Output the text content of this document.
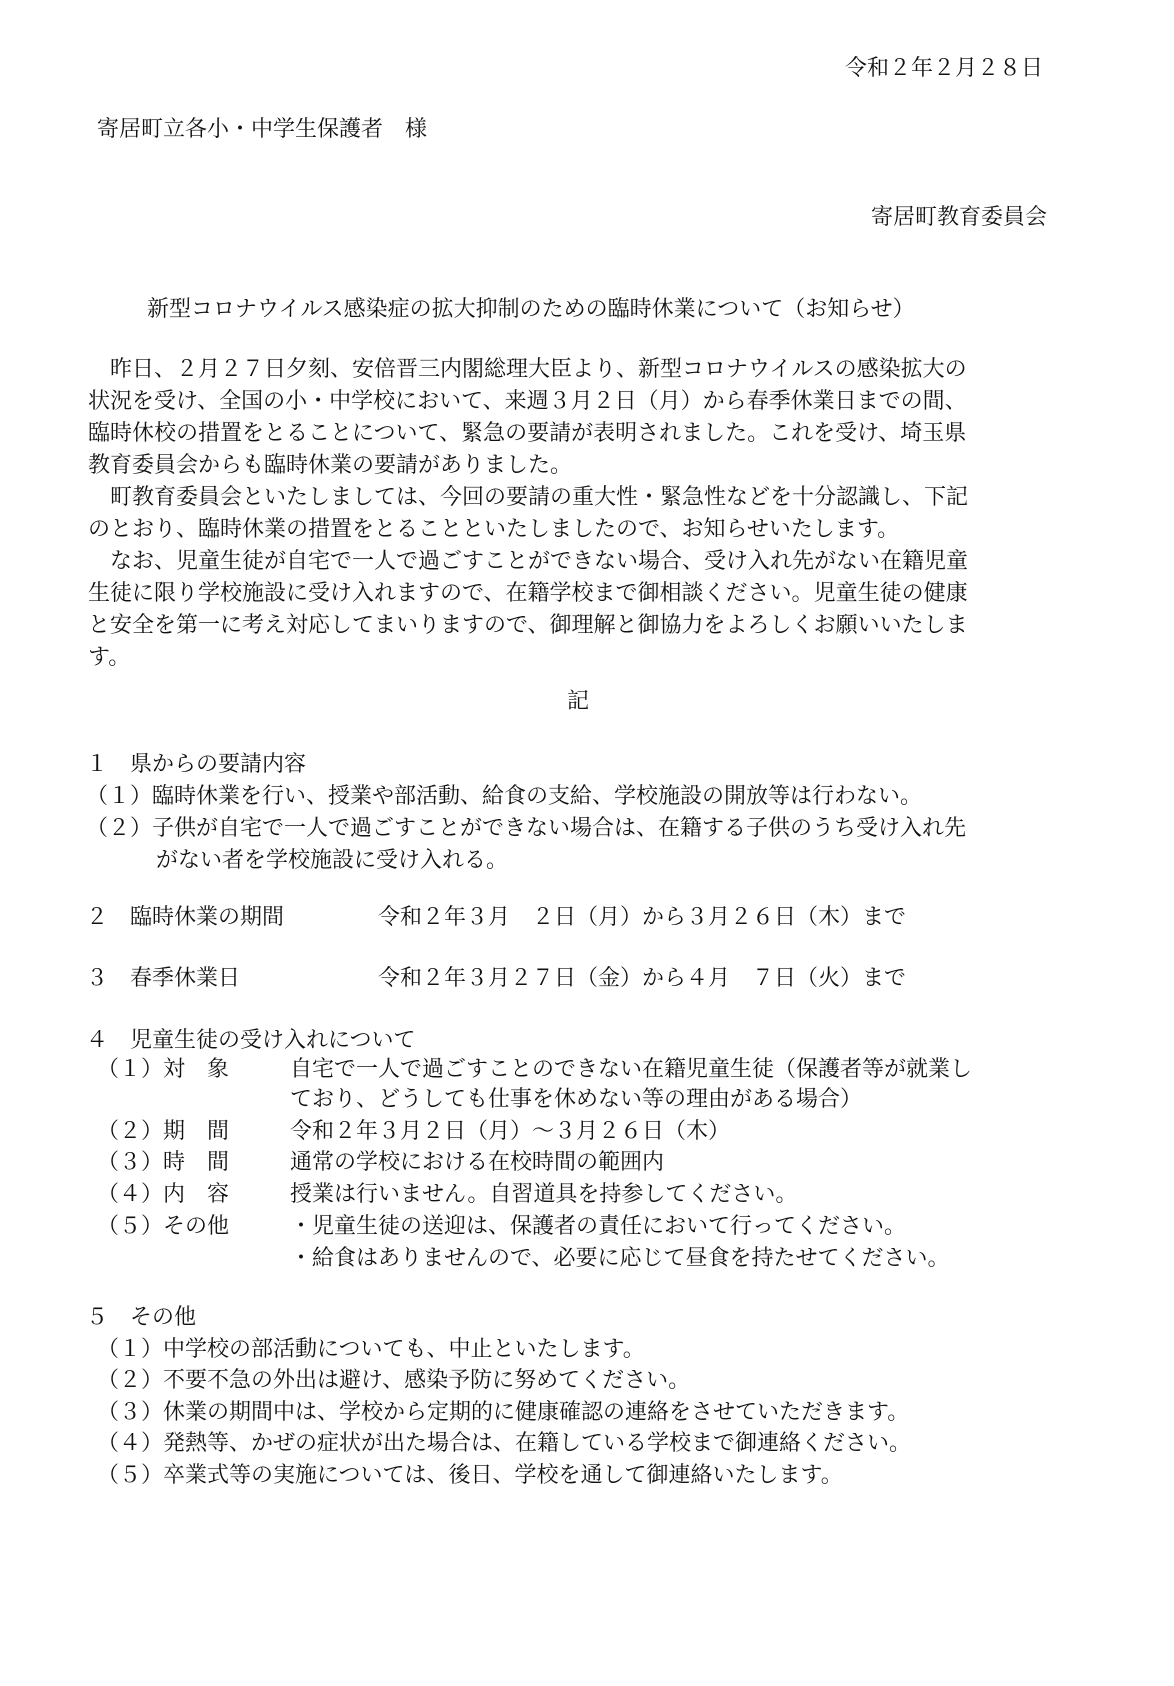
令和２年２月２８日
寄居町立各小・中学生保護者　様
寄居町教育委員会
新型コロナウイルス感染症の拡大抑制のための臨時休業について（お知らせ）

　昨日、２月２７日夕刻、安倍晋三内閣総理大臣より、新型コロナウイルスの感染拡大の

状況を受け、全国の小・中学校において、来週３月２日（月）から春季休業日までの間、

臨時休校の措置をとることについて、緊急の要請が表明されました。これを受け、埼玉県

教育委員会からも臨時休業の要請がありました。

　町教育委員会といたしましては、今回の要請の重大性・緊急性などを十分認識し、下記

のとおり、臨時休業の措置をとることといたしましたので、お知らせいたします。

　なお、児童生徒が自宅で一人で過ごすことができない場合、受け入れ先がない在籍児童

生徒に限り学校施設に受け入れますので、在籍学校まで御相談ください。児童生徒の健康

と安全を第一に考え対応してまいりますので、御理解と御協力をよろしくお願いいたしま

す。

記
１　県からの要請内容
（１）臨時休業を行い、授業や部活動、給食の支給、学校施設の開放等は行わない。
（２）子供が自宅で一人で過ごすことができない場合は、在籍する子供のうち受け入れ先
がない者を学校施設に受け入れる。
２　臨時休業の期間	令和２年３月　２日（月）から３月２６日（木）まで
３　春季休業日	令和２年３月２７日（金）から４月　７日（火）まで
４　児童生徒の受け入れについて
（１）対　象	自宅で一人で過ごすことのできない在籍児童生徒（保護者等が就業し
ており、どうしても仕事を休めない等の理由がある場合）
（２）期　間	令和２年３月２日（月）～３月２６日（木）
（３）時　間	通常の学校における在校時間の範囲内
（４）内　容	授業は行いません。自習道具を持参してください。
（５）その他	・児童生徒の送迎は、保護者の責任において行ってください。
・給食はありませんので、必要に応じて昼食を持たせてください。
５　その他
（１）中学校の部活動についても、中止といたします。
（２）不要不急の外出は避け、感染予防に努めてください。
（３）休業の期間中は、学校から定期的に健康確認の連絡をさせていただきます。
（４）発熱等、かぜの症状が出た場合は、在籍している学校まで御連絡ください。
（５）卒業式等の実施については、後日、学校を通して御連絡いたします。
